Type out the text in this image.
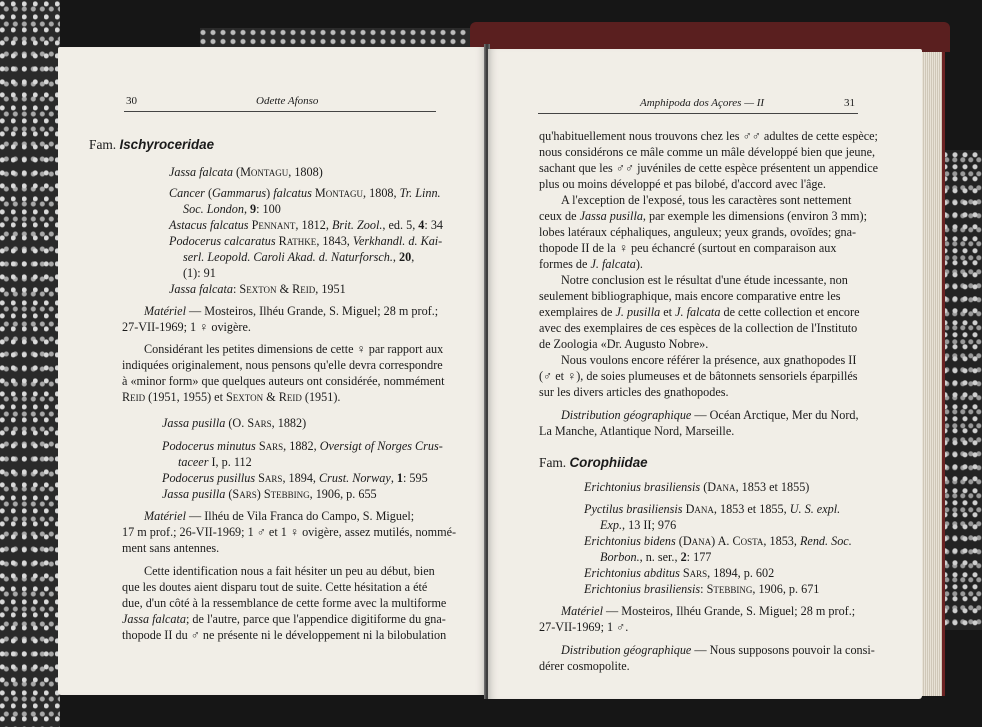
30	Odette Afonso
Fam. Ischyroceridae
Jassa falcata (Montagu, 1808)
Cancer (Gammarus) falcatus Montagu, 1808, Tr. Linn.
Soc. London, 9: 100
Astacus falcatus Pennant, 1812, Brit. Zool., ed. 5, 4: 34
Podocerus calcaratus Rathke, 1843, Verkhandl. d. Kai-
serl. Leopold. Caroli Akad. d. Naturforsch., 20,
(1): 91
Jassa falcata: Sexton & Reid, 1951
Matériel — Mosteiros, Ilhéu Grande, S. Miguel; 28 m prof.;
27-VII-1969; 1 ♀ ovigère.
Considérant les petites dimensions de cette ♀ par rapport aux
indiquées originalement, nous pensons qu'elle devra correspondre
à «minor form» que quelques auteurs ont considérée, nommément
Reid (1951, 1955) et Sexton & Reid (1951).
Jassa pusilla (O. Sars, 1882)
Podocerus minutus Sars, 1882, Oversigt of Norges Crus-
taceer I, p. 112
Podocerus pusillus Sars, 1894, Crust. Norway, 1: 595
Jassa pusilla (Sars) Stebbing, 1906, p. 655
Matériel — Ilhéu de Vila Franca do Campo, S. Miguel;
17 m prof.; 26-VII-1969; 1 ♂ et 1 ♀ ovigère, assez mutilés, nommé-
ment sans antennes.
Cette identification nous a fait hésiter un peu au début, bien
que les doutes aient disparu tout de suite. Cette hésitation a été
due, d'un côté à la ressemblance de cette forme avec la multiforme
Jassa falcata; de l'autre, parce que l'appendice digitiforme du gna-
thopode II du ♂ ne présente ni le développement ni la bilobulation
Amphipoda dos Açores — II	31
qu'habituellement nous trouvons chez les ♂♂ adultes de cette espèce;
nous considérons ce mâle comme un mâle développé bien que jeune,
sachant que les ♂♂ juvéniles de cette espèce présentent un appendice
plus ou moins développé et pas bilobé, d'accord avec l'âge.
A l'exception de l'exposé, tous les caractères sont nettement
ceux de Jassa pusilla, par exemple les dimensions (environ 3 mm);
lobes latéraux céphaliques, anguleux; yeux grands, ovoïdes; gna-
thopode II de la ♀ peu échancré (surtout en comparaison aux
formes de J. falcata).
Notre conclusion est le résultat d'une étude incessante, non
seulement bibliographique, mais encore comparative entre les
exemplaires de J. pusilla et J. falcata de cette collection et encore
avec des exemplaires de ces espèces de la collection de l'Instituto
de Zoologia «Dr. Augusto Nobre».
Nous voulons encore référer la présence, aux gnathopodes II
(♂ et ♀), de soies plumeuses et de bâtonnets sensoriels éparpillés
sur les divers articles des gnathopodes.
Distribution géographique — Océan Arctique, Mer du Nord,
La Manche, Atlantique Nord, Marseille.
Fam. Corophiidae
Erichtonius brasiliensis (Dana, 1853 et 1855)
Pyctilus brasiliensis Dana, 1853 et 1855, U. S. expl.
Exp., 13 II; 976
Erichtonius bidens (Dana) A. Costa, 1853, Rend. Soc.
Borbon., n. ser., 2: 177
Erichtonius abditus Sars, 1894, p. 602
Erichtonius brasiliensis: Stebbing, 1906, p. 671
Matériel — Mosteiros, Ilhéu Grande, S. Miguel; 28 m prof.;
27-VII-1969; 1 ♂.
Distribution géographique — Nous supposons pouvoir la consi-
dérer cosmopolite.
